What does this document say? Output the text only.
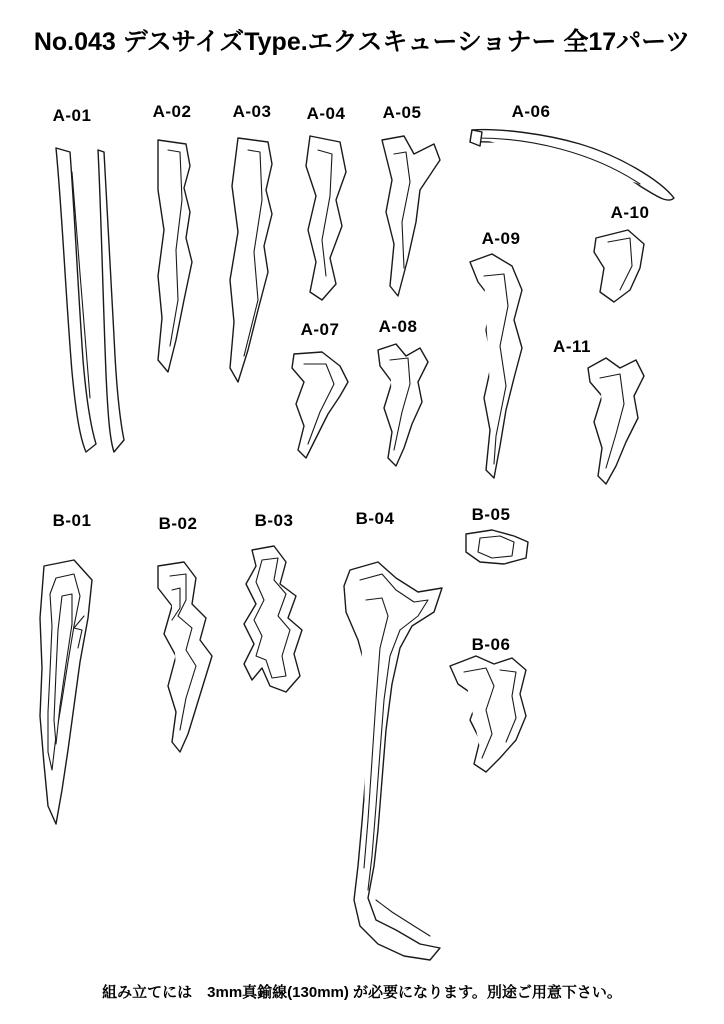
No.043 デスサイズType.エクスキューショナー 全17パーツ
A-01	A-02 A-03 A-04 A-05	A-06
A-07 A-08
A-09
A-10
A-11
B-01	B-02	B-03	B-04	B-05
B-06
組み立てには　3mm真鍮線(130mm) が必要になります。別途ご用意下さい。
